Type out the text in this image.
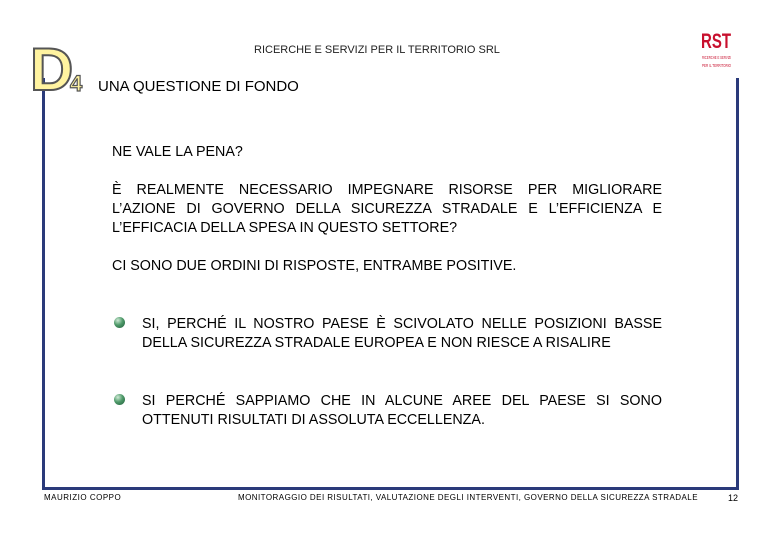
D
4
RICERCHE E SERVIZI PER IL TERRITORIO SRL
UNA QUESTIONE DI FONDO
RST
RICERCHE E SERVIZI
PER IL TERRITORIO
NE VALE LA PENA?
È REALMENTE NECESSARIO IMPEGNARE RISORSE PER MIGLIORARE L’AZIONE DI GOVERNO DELLA SICUREZZA STRADALE E L’EFFICIENZA E L’EFFICACIA DELLA SPESA IN QUESTO SETTORE?
CI SONO DUE ORDINI DI RISPOSTE, ENTRAMBE POSITIVE.
SI, PERCHÉ IL NOSTRO PAESE È SCIVOLATO NELLE POSIZIONI BASSE DELLA SICUREZZA STRADALE EUROPEA E NON RIESCE A RISALIRE
SI PERCHÉ SAPPIAMO CHE IN ALCUNE AREE DEL PAESE SI SONO OTTENUTI RISULTATI DI ASSOLUTA ECCELLENZA.
MAURIZIO COPPO	MONITORAGGIO DEI RISULTATI, VALUTAZIONE DEGLI INTERVENTI, GOVERNO DELLA SICUREZZA STRADALE	12
